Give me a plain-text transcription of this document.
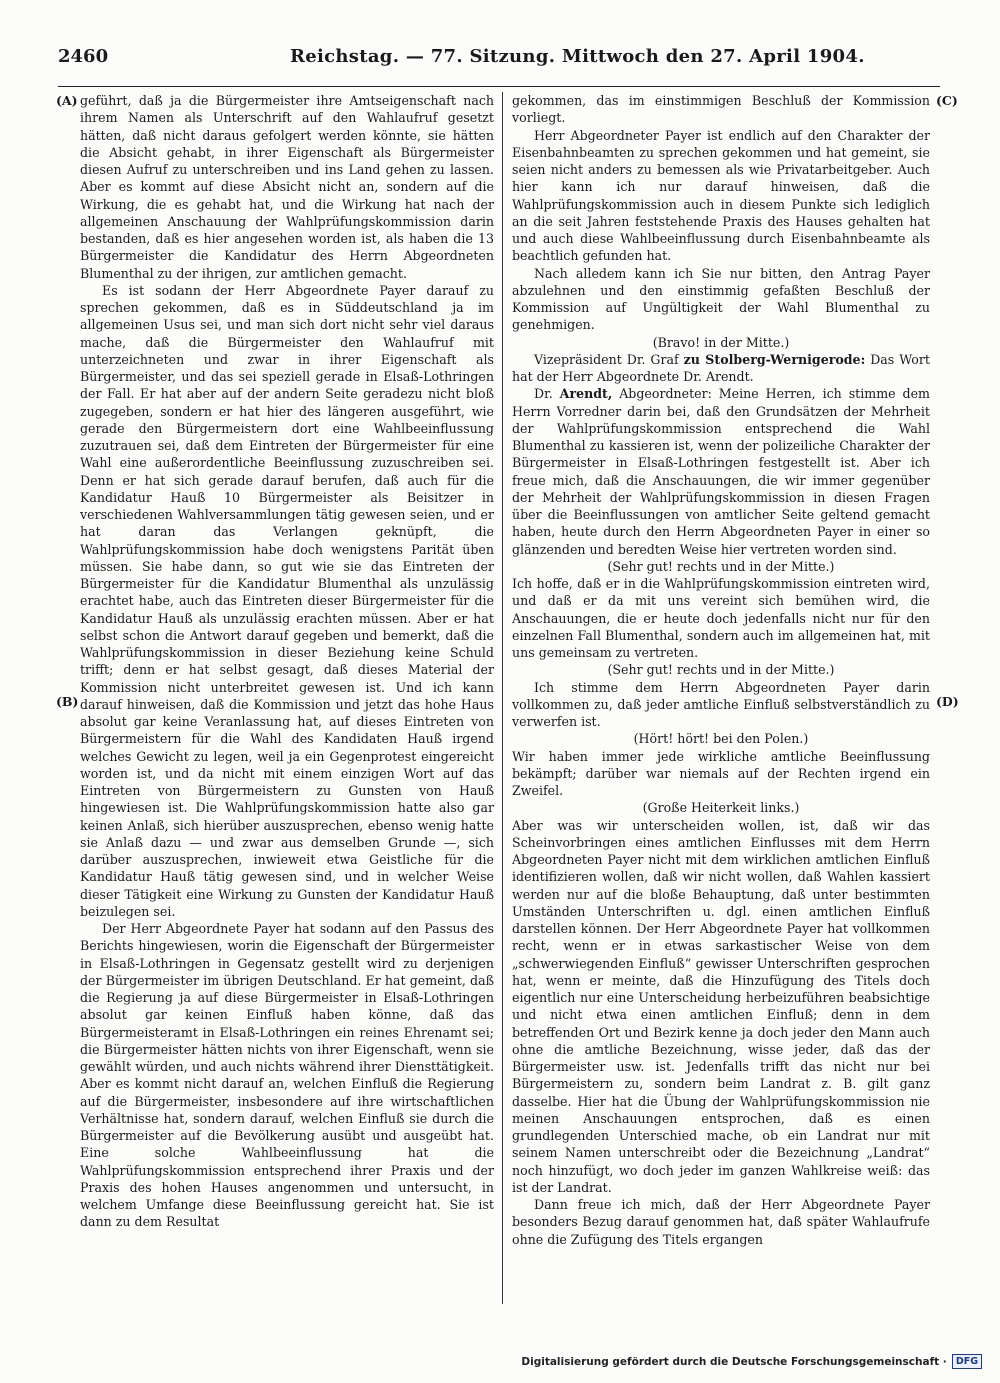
2460	Reichstag. — 77. Sitzung. Mittwoch den 27. April 1904.
(A)
(B)
(C)
(D)

geführt, daß ja die Bürgermeister ihre Amtseigenschaft nach ihrem Namen als Unterschrift auf den Wahlaufruf gesetzt hätten, daß nicht daraus gefolgert werden könnte, sie hätten die Absicht gehabt, in ihrer Eigenschaft als Bürgermeister diesen Aufruf zu unterschreiben und ins Land gehen zu lassen. Aber es kommt auf diese Absicht nicht an, sondern auf die Wirkung, die es gehabt hat, und die Wirkung hat nach der allgemeinen Anschauung der Wahlprüfungskommission darin bestanden, daß es hier angesehen worden ist, als haben die 13 Bürgermeister die Kandidatur des Herrn Abgeordneten Blumenthal zu der ihrigen, zur amtlichen gemacht.

Es ist sodann der Herr Abgeordnete Payer darauf zu sprechen gekommen, daß es in Süddeutschland ja im allgemeinen Usus sei, und man sich dort nicht sehr viel daraus mache, daß die Bürgermeister den Wahlaufruf mit unterzeichneten und zwar in ihrer Eigenschaft als Bürgermeister, und das sei speziell gerade in Elsaß-Lothringen der Fall. Er hat aber auf der andern Seite geradezu nicht bloß zugegeben, sondern er hat hier des längeren ausgeführt, wie gerade den Bürgermeistern dort eine Wahlbeeinflussung zuzutrauen sei, daß dem Eintreten der Bürgermeister für eine Wahl eine außerordentliche Beeinflussung zuzuschreiben sei. Denn er hat sich gerade darauf berufen, daß auch für die Kandidatur Hauß 10 Bürgermeister als Beisitzer in verschiedenen Wahlversammlungen tätig gewesen seien, und er hat daran das Verlangen geknüpft, die Wahlprüfungskommission habe doch wenigstens Parität üben müssen. Sie habe dann, so gut wie sie das Eintreten der Bürgermeister für die Kandidatur Blumenthal als unzulässig erachtet habe, auch das Eintreten dieser Bürgermeister für die Kandidatur Hauß als unzulässig erachten müssen. Aber er hat selbst schon die Antwort darauf gegeben und bemerkt, daß die Wahlprüfungskommission in dieser Beziehung keine Schuld trifft; denn er hat selbst gesagt, daß dieses Material der Kommission nicht unterbreitet gewesen ist. Und ich kann darauf hinweisen, daß die Kommission und jetzt das hohe Haus absolut gar keine Veranlassung hat, auf dieses Eintreten von Bürgermeistern für die Wahl des Kandidaten Hauß irgend welches Gewicht zu legen, weil ja ein Gegenprotest eingereicht worden ist, und da nicht mit einem einzigen Wort auf das Eintreten von Bürgermeistern zu Gunsten von Hauß hingewiesen ist. Die Wahlprüfungskommission hatte also gar keinen Anlaß, sich hierüber auszusprechen, ebenso wenig hatte sie Anlaß dazu — und zwar aus demselben Grunde —, sich darüber auszusprechen, inwieweit etwa Geistliche für die Kandidatur Hauß tätig gewesen sind, und in welcher Weise dieser Tätigkeit eine Wirkung zu Gunsten der Kandidatur Hauß beizulegen sei.

Der Herr Abgeordnete Payer hat sodann auf den Passus des Berichts hingewiesen, worin die Eigenschaft der Bürgermeister in Elsaß-Lothringen in Gegensatz gestellt wird zu derjenigen der Bürgermeister im übrigen Deutschland. Er hat gemeint, daß die Regierung ja auf diese Bürgermeister in Elsaß-Lothringen absolut gar keinen Einfluß haben könne, daß das Bürgermeisteramt in Elsaß-Lothringen ein reines Ehrenamt sei; die Bürgermeister hätten nichts von ihrer Eigenschaft, wenn sie gewählt würden, und auch nichts während ihrer Diensttätigkeit. Aber es kommt nicht darauf an, welchen Einfluß die Regierung auf die Bürgermeister, insbesondere auf ihre wirtschaftlichen Verhältnisse hat, sondern darauf, welchen Einfluß sie durch die Bürgermeister auf die Bevölkerung ausübt und ausgeübt hat. Eine solche Wahlbeeinflussung hat die Wahlprüfungskommission entsprechend ihrer Praxis und der Praxis des hohen Hauses angenommen und untersucht, in welchem Umfange diese Beeinflussung gereicht hat. Sie ist dann zu dem Resultat

gekommen, das im einstimmigen Beschluß der Kommission vorliegt.

Herr Abgeordneter Payer ist endlich auf den Charakter der Eisenbahnbeamten zu sprechen gekommen und hat gemeint, sie seien nicht anders zu bemessen als wie Privatarbeitgeber. Auch hier kann ich nur darauf hinweisen, daß die Wahlprüfungskommission auch in diesem Punkte sich lediglich an die seit Jahren feststehende Praxis des Hauses gehalten hat und auch diese Wahlbeeinflussung durch Eisenbahnbeamte als beachtlich gefunden hat.

Nach alledem kann ich Sie nur bitten, den Antrag Payer abzulehnen und den einstimmig gefaßten Beschluß der Kommission auf Ungültigkeit der Wahl Blumenthal zu genehmigen.

(Bravo! in der Mitte.)

Vizepräsident Dr. Graf zu Stolberg-Wernigerode: Das Wort hat der Herr Abgeordnete Dr. Arendt.

Dr. Arendt, Abgeordneter: Meine Herren, ich stimme dem Herrn Vorredner darin bei, daß den Grundsätzen der Mehrheit der Wahlprüfungskommission entsprechend die Wahl Blumenthal zu kassieren ist, wenn der polizeiliche Charakter der Bürgermeister in Elsaß-Lothringen festgestellt ist. Aber ich freue mich, daß die Anschauungen, die wir immer gegenüber der Mehrheit der Wahlprüfungskommission in diesen Fragen über die Beeinflussungen von amtlicher Seite geltend gemacht haben, heute durch den Herrn Abgeordneten Payer in einer so glänzenden und beredten Weise hier vertreten worden sind.

(Sehr gut! rechts und in der Mitte.)

Ich hoffe, daß er in die Wahlprüfungskommission eintreten wird, und daß er da mit uns vereint sich bemühen wird, die Anschauungen, die er heute doch jedenfalls nicht nur für den einzelnen Fall Blumenthal, sondern auch im allgemeinen hat, mit uns gemeinsam zu vertreten.

(Sehr gut! rechts und in der Mitte.)

Ich stimme dem Herrn Abgeordneten Payer darin vollkommen zu, daß jeder amtliche Einfluß selbstverständlich zu verwerfen ist.

(Hört! hört! bei den Polen.)

Wir haben immer jede wirkliche amtliche Beeinflussung bekämpft; darüber war niemals auf der Rechten irgend ein Zweifel.

(Große Heiterkeit links.)

Aber was wir unterscheiden wollen, ist, daß wir das Scheinvorbringen eines amtlichen Einflusses mit dem Herrn Abgeordneten Payer nicht mit dem wirklichen amtlichen Einfluß identifizieren wollen, daß wir nicht wollen, daß Wahlen kassiert werden nur auf die bloße Behauptung, daß unter bestimmten Umständen Unterschriften u. dgl. einen amtlichen Einfluß darstellen können. Der Herr Abgeordnete Payer hat vollkommen recht, wenn er in etwas sarkastischer Weise von dem „schwerwiegenden Einfluß“ gewisser Unterschriften gesprochen hat, wenn er meinte, daß die Hinzufügung des Titels doch eigentlich nur eine Unterscheidung herbeizuführen beabsichtige und nicht etwa einen amtlichen Einfluß; denn in dem betreffenden Ort und Bezirk kenne ja doch jeder den Mann auch ohne die amtliche Bezeichnung, wisse jeder, daß das der Bürgermeister usw. ist. Jedenfalls trifft das nicht nur bei Bürgermeistern zu, sondern beim Landrat z. B. gilt ganz dasselbe. Hier hat die Übung der Wahlprüfungskommission nie meinen Anschauungen entsprochen, daß es einen grundlegenden Unterschied mache, ob ein Landrat nur mit seinem Namen unterschreibt oder die Bezeichnung „Landrat“ noch hinzufügt, wo doch jeder im ganzen Wahlkreise weiß: das ist der Landrat.

Dann freue ich mich, daß der Herr Abgeordnete Payer besonders Bezug darauf genommen hat, daß später Wahlaufrufe ohne die Zufügung des Titels ergangen

Digitalisierung gefördert durch die Deutsche Forschungsgemeinschaft · DFG
